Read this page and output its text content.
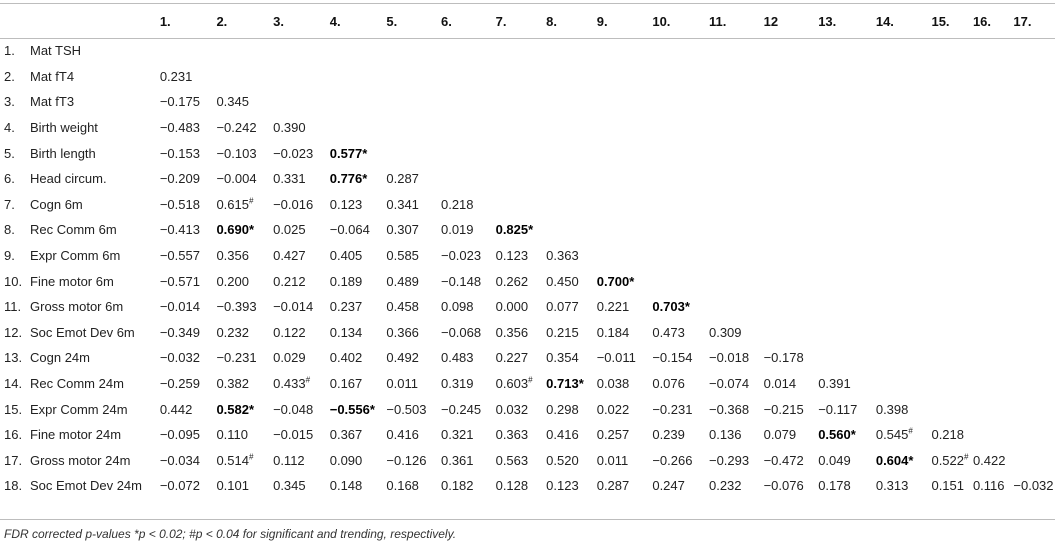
	1.	2.	3.	4.	5.	6.	7.	8.	9.	10.	11.	12	13.	14.	15.	16.	17.
1. Mat TSH																	
2. Mat fT4	0.231																
3. Mat fT3	−0.175	0.345															
4. Birth weight	−0.483	−0.242	0.390														
5. Birth length	−0.153	−0.103	−0.023	0.577*													
6. Head circum.	−0.209	−0.004	0.331	0.776*	0.287												
7. Cogn 6m	−0.518	0.615#	−0.016	0.123	0.341	0.218											
8. Rec Comm 6m	−0.413	0.690*	0.025	−0.064	0.307	0.019	0.825*										
9. Expr Comm 6m	−0.557	0.356	0.427	0.405	0.585	−0.023	0.123	0.363									
10. Fine motor 6m	−0.571	0.200	0.212	0.189	0.489	−0.148	0.262	0.450	0.700*								
11. Gross motor 6m	−0.014	−0.393	−0.014	0.237	0.458	0.098	0.000	0.077	0.221	0.703*							
12. Soc Emot Dev 6m	−0.349	0.232	0.122	0.134	0.366	−0.068	0.356	0.215	0.184	0.473	0.309						
13. Cogn 24m	−0.032	−0.231	0.029	0.402	0.492	0.483	0.227	0.354	−0.011	−0.154	−0.018	−0.178					
14. Rec Comm 24m	−0.259	0.382	0.433#	0.167	0.011	0.319	0.603#	0.713*	0.038	0.076	−0.074	0.014	0.391				
15. Expr Comm 24m	0.442	0.582*	−0.048	−0.556*	−0.503	−0.245	0.032	0.298	0.022	−0.231	−0.368	−0.215	−0.117	0.398			
16. Fine motor 24m	−0.095	0.110	−0.015	0.367	0.416	0.321	0.363	0.416	0.257	0.239	0.136	0.079	0.560*	0.545#	0.218		
17. Gross motor 24m	−0.034	0.514#	0.112	0.090	−0.126	0.361	0.563	0.520	0.011	−0.266	−0.293	−0.472	0.049	0.604*	0.522#	0.422	
18. Soc Emot Dev 24m	−0.072	0.101	0.345	0.148	0.168	0.182	0.128	0.123	0.287	0.247	0.232	−0.076	0.178	0.313	0.151	0.116	−0.032
FDR corrected p-values *p < 0.02; #p < 0.04 for significant and trending, respectively.
